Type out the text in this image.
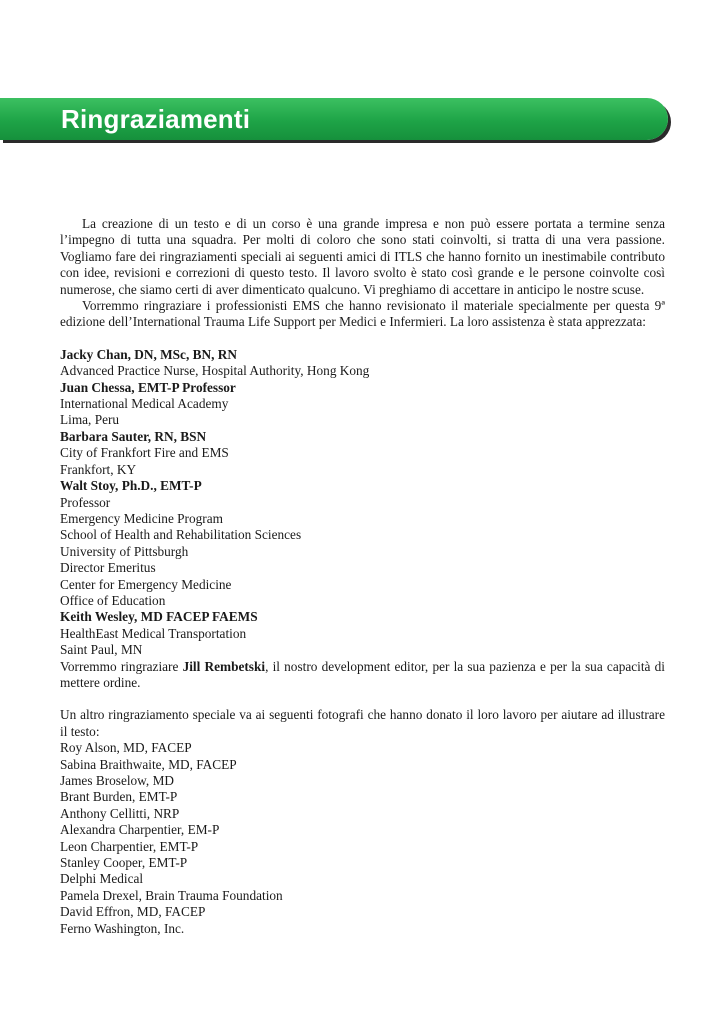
Ringraziamenti

La creazione di un testo e di un corso è una grande impresa e non può essere portata a termine senza l’impegno di tutta una squadra. Per molti di coloro che sono stati coinvolti, si tratta di una vera passione. Vogliamo fare dei ringraziamenti speciali ai seguenti amici di ITLS che hanno fornito un inestimabile contributo con idee, revisioni e correzioni di questo testo. Il lavoro svolto è stato così grande e le persone coinvolte così numerose, che siamo certi di aver dimenticato qualcuno. Vi preghiamo di accettare in anticipo le nostre scuse.

Vorremmo ringraziare i professionisti EMS che hanno revisionato il materiale specialmente per questa 9ª edizione dell’International Trauma Life Support per Medici e Infermieri. La loro assistenza è stata apprezzata:

Jacky Chan, DN, MSc, BN, RN

Advanced Practice Nurse, Hospital Authority, Hong Kong

Juan Chessa, EMT-P Professor

International Medical Academy

Lima, Peru

Barbara Sauter, RN, BSN

City of Frankfort Fire and EMS

Frankfort, KY

Walt Stoy, Ph.D., EMT-P

Professor

Emergency Medicine Program

School of Health and Rehabilitation Sciences

University of Pittsburgh

Director Emeritus

Center for Emergency Medicine

Office of Education

Keith Wesley, MD FACEP FAEMS

HealthEast Medical Transportation

Saint Paul, MN

Vorremmo ringraziare Jill Rembetski, il nostro development editor, per la sua pazienza e per la sua capacità di mettere ordine.

Un altro ringraziamento speciale va ai seguenti fotografi che hanno donato il loro lavoro per aiutare ad illustrare il testo:

Roy Alson, MD, FACEP

Sabina Braithwaite, MD, FACEP

James Broselow, MD

Brant Burden, EMT-P

Anthony Cellitti, NRP

Alexandra Charpentier, EM-P

Leon Charpentier, EMT-P

Stanley Cooper, EMT-P

Delphi Medical

Pamela Drexel, Brain Trauma Foundation

David Effron, MD, FACEP

Ferno Washington, Inc.
